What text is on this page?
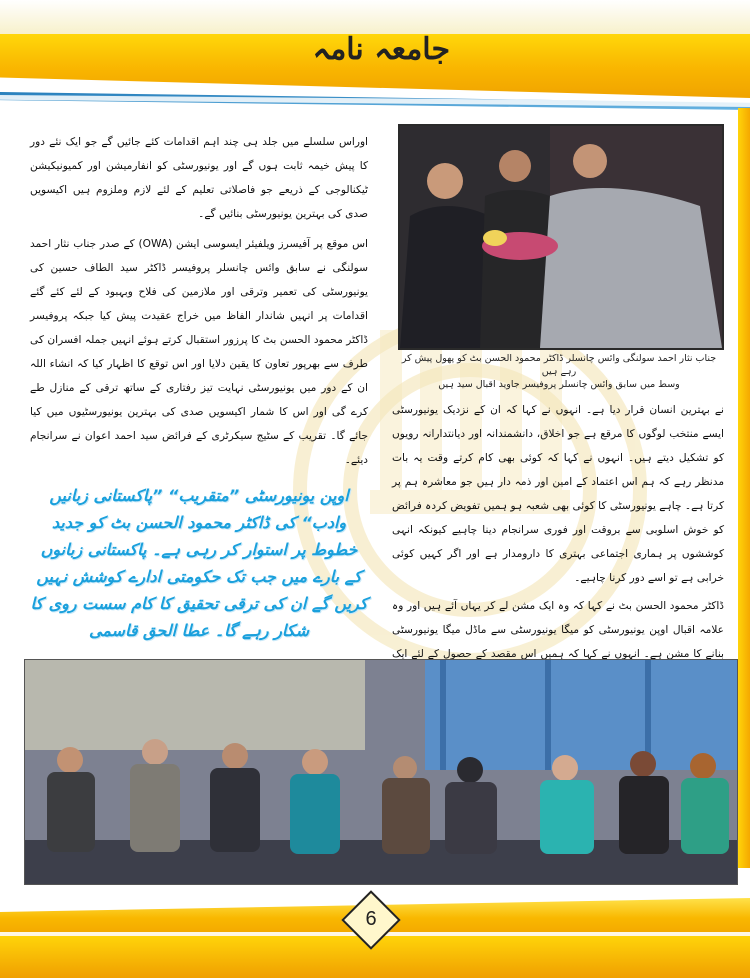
جامعہ نامہ

اوراس سلسلے میں جلد ہی چند اہم اقدامات کئے جائیں گے جو ایک نئے دور کا پیش خیمہ ثابت ہوں گے اور یونیورسٹی کو انفارمیشن اور کمیونیکیشن ٹیکنالوجی کے ذریعے جو فاصلاتی تعلیم کے لئے لازم وملزوم ہیں اکیسویں صدی کی بہترین یونیورسٹی بنائیں گے۔

اس موقع پر آفیسرز ویلفیئر ایسوسی ایشن (OWA) کے صدر جناب نثار احمد سولنگی نے سابق وائس چانسلر پروفیسر ڈاکٹر سید الطاف حسین کی یونیورسٹی کی تعمیر وترقی اور ملازمین کی فلاح وبہبود کے لئے کئے گئے اقدامات پر انہیں شاندار الفاظ میں خراج عقیدت پیش کیا جبکہ پروفیسر ڈاکٹر محمود الحسن بٹ کا پرزور استقبال کرتے ہوئے انہیں جملہ افسران کی طرف سے بھرپور تعاون کا یقین دلایا اور اس توقع کا اظہار کیا کہ انشاء اللہ ان کے دور میں یونیورسٹی نہایت تیز رفتاری کے ساتھ ترقی کے منازل طے کرے گی اور اس کا شمار اکیسویں صدی کی بہترین یونیورسٹیوں میں کیا جائے گا۔ تقریب کے سٹیج سیکرٹری کے فرائض سید احمد اعوان نے سرانجام دیئے۔

جناب نثار احمد سولنگی وائس چانسلر ڈاکٹر محمود الحسن بٹ کو پھول پیش کر رہے ہیں
وسط میں سابق وائس چانسلر پروفیسر جاوید اقبال سید ہیں

نے بہترین انسان قرار دیا ہے۔ انہوں نے کہا کہ ان کے نزدیک یونیورسٹی ایسے منتخب لوگوں کا مرقع ہے جو اخلاق، دانشمندانہ اور دیانتدارانہ رویوں کو تشکیل دیتے ہیں۔ انہوں نے کہا کہ کوئی بھی کام کرتے وقت یہ بات مدنظر رہے کہ ہم اس اعتماد کے امین اور ذمہ دار ہیں جو معاشرہ ہم پر کرتا ہے۔ چاہے یونیورسٹی کا کوئی بھی شعبہ ہو ہمیں تفویض کردہ فرائض کو خوش اسلوبی سے بروقت اور فوری سرانجام دینا چاہیے کیونکہ انہی کوششوں پر ہماری اجتماعی بہتری کا دارومدار ہے اور اگر کہیں کوئی خرابی ہے تو اسے دور کرنا چاہیے۔

ڈاکٹر محمود الحسن بٹ نے کہا کہ وہ ایک مشن لے کر یہاں آئے ہیں اور وہ علامہ اقبال اوپن یونیورسٹی کو میگا یونیورسٹی سے ماڈل میگا یونیورسٹی بنانے کا مشن ہے۔ انہوں نے کہا کہ ہمیں اس مقصد کے حصول کے لئے ایک

اوپن یونیورسٹی ”متقریب“ ”پاکستانی زبانیں وادب“ کی ڈاکٹر محمود الحسن بٹ کو جدید خطوط پر استوار کر رہی ہے۔ پاکستانی زبانوں کے بارے میں جب تک حکومتی ادارے کوشش نہیں کریں گے ان کی ترقی تحقیق کا کام سست روی کا شکار رہے گا۔ عطا الحق قاسمی
6
